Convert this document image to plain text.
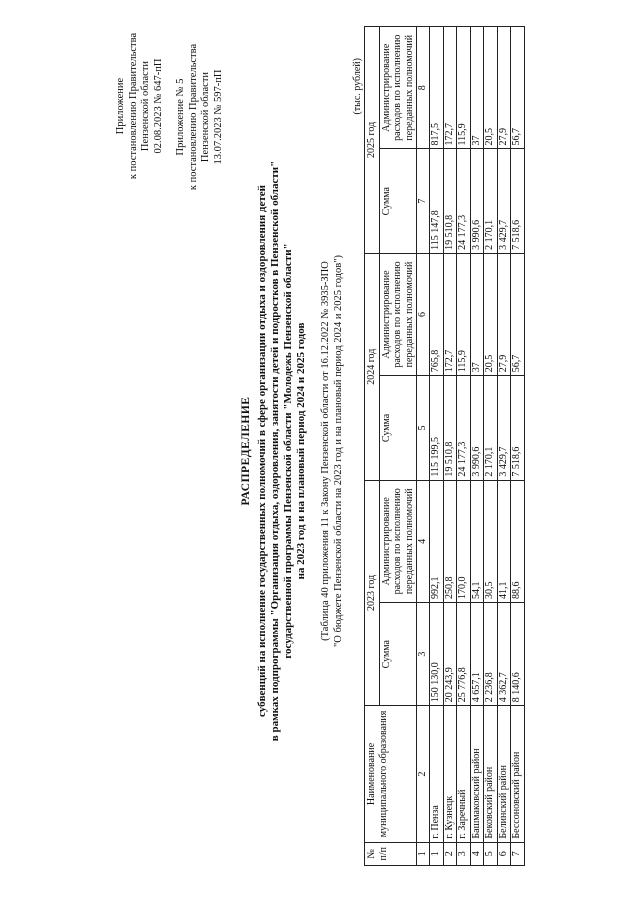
Приложение к постановлению Правительства Пензенской области 02.08.2023 № 647-пП Приложение № 5 к постановлению Правительства Пензенской области 13.07.2023 № 597-пП
РАСПРЕДЕЛЕНИЕ субвенций на исполнение государственных полномочий в сфере организации отдыха и оздоровления детей в рамках подпрограммы "Организация отдыха, оздоровления, занятости детей и подростков в Пензенской области" государственной программы Пензенской области "Молодежь Пензенской области" на 2023 год и на плановый период 2024 и 2025 годов (Таблица 40 приложения 11 к Закону Пензенской области от 16.12.2022 № 3935-ЗПО "О бюджете Пензенской области на 2023 год и на плановый период 2024 и 2025 годов")
(тыс. рублей)
№ п/п	Наименование муниципального образования	2023 год		2024 год		2025 год	
		Сумма	Администрирование расходов по исполнению переданных полномочий	Сумма	Администрирование расходов по исполнению переданных полномочий	Сумма	Администрирование расходов по исполнению переданных полномочий
1	2	3	4	5	6	7	8
1	г. Пенза	150 130,0	992,1	115 199,5	765,8	115 147,8	817,5
2	г. Кузнецк	20 243,9	250,8	19 510,8	172,7	19 510,8	172,7
3	г. Заречный	25 776,8	170,0	24 177,3	115,9	24 177,3	115,9
4	Башмаковский район	4 657,1	54,1	3 990,6	37	3 990,6	37
5	Бековский район	2 236,8	30,5	2 170,1	20,5	2 170,1	20,5
6	Белинский район	4 362,7	41,1	3 429,7	27,9	3 429,7	27,9
7	Бессоновский район	8 140,6	88,6	7 518,6	56,7	7 518,6	56,7
